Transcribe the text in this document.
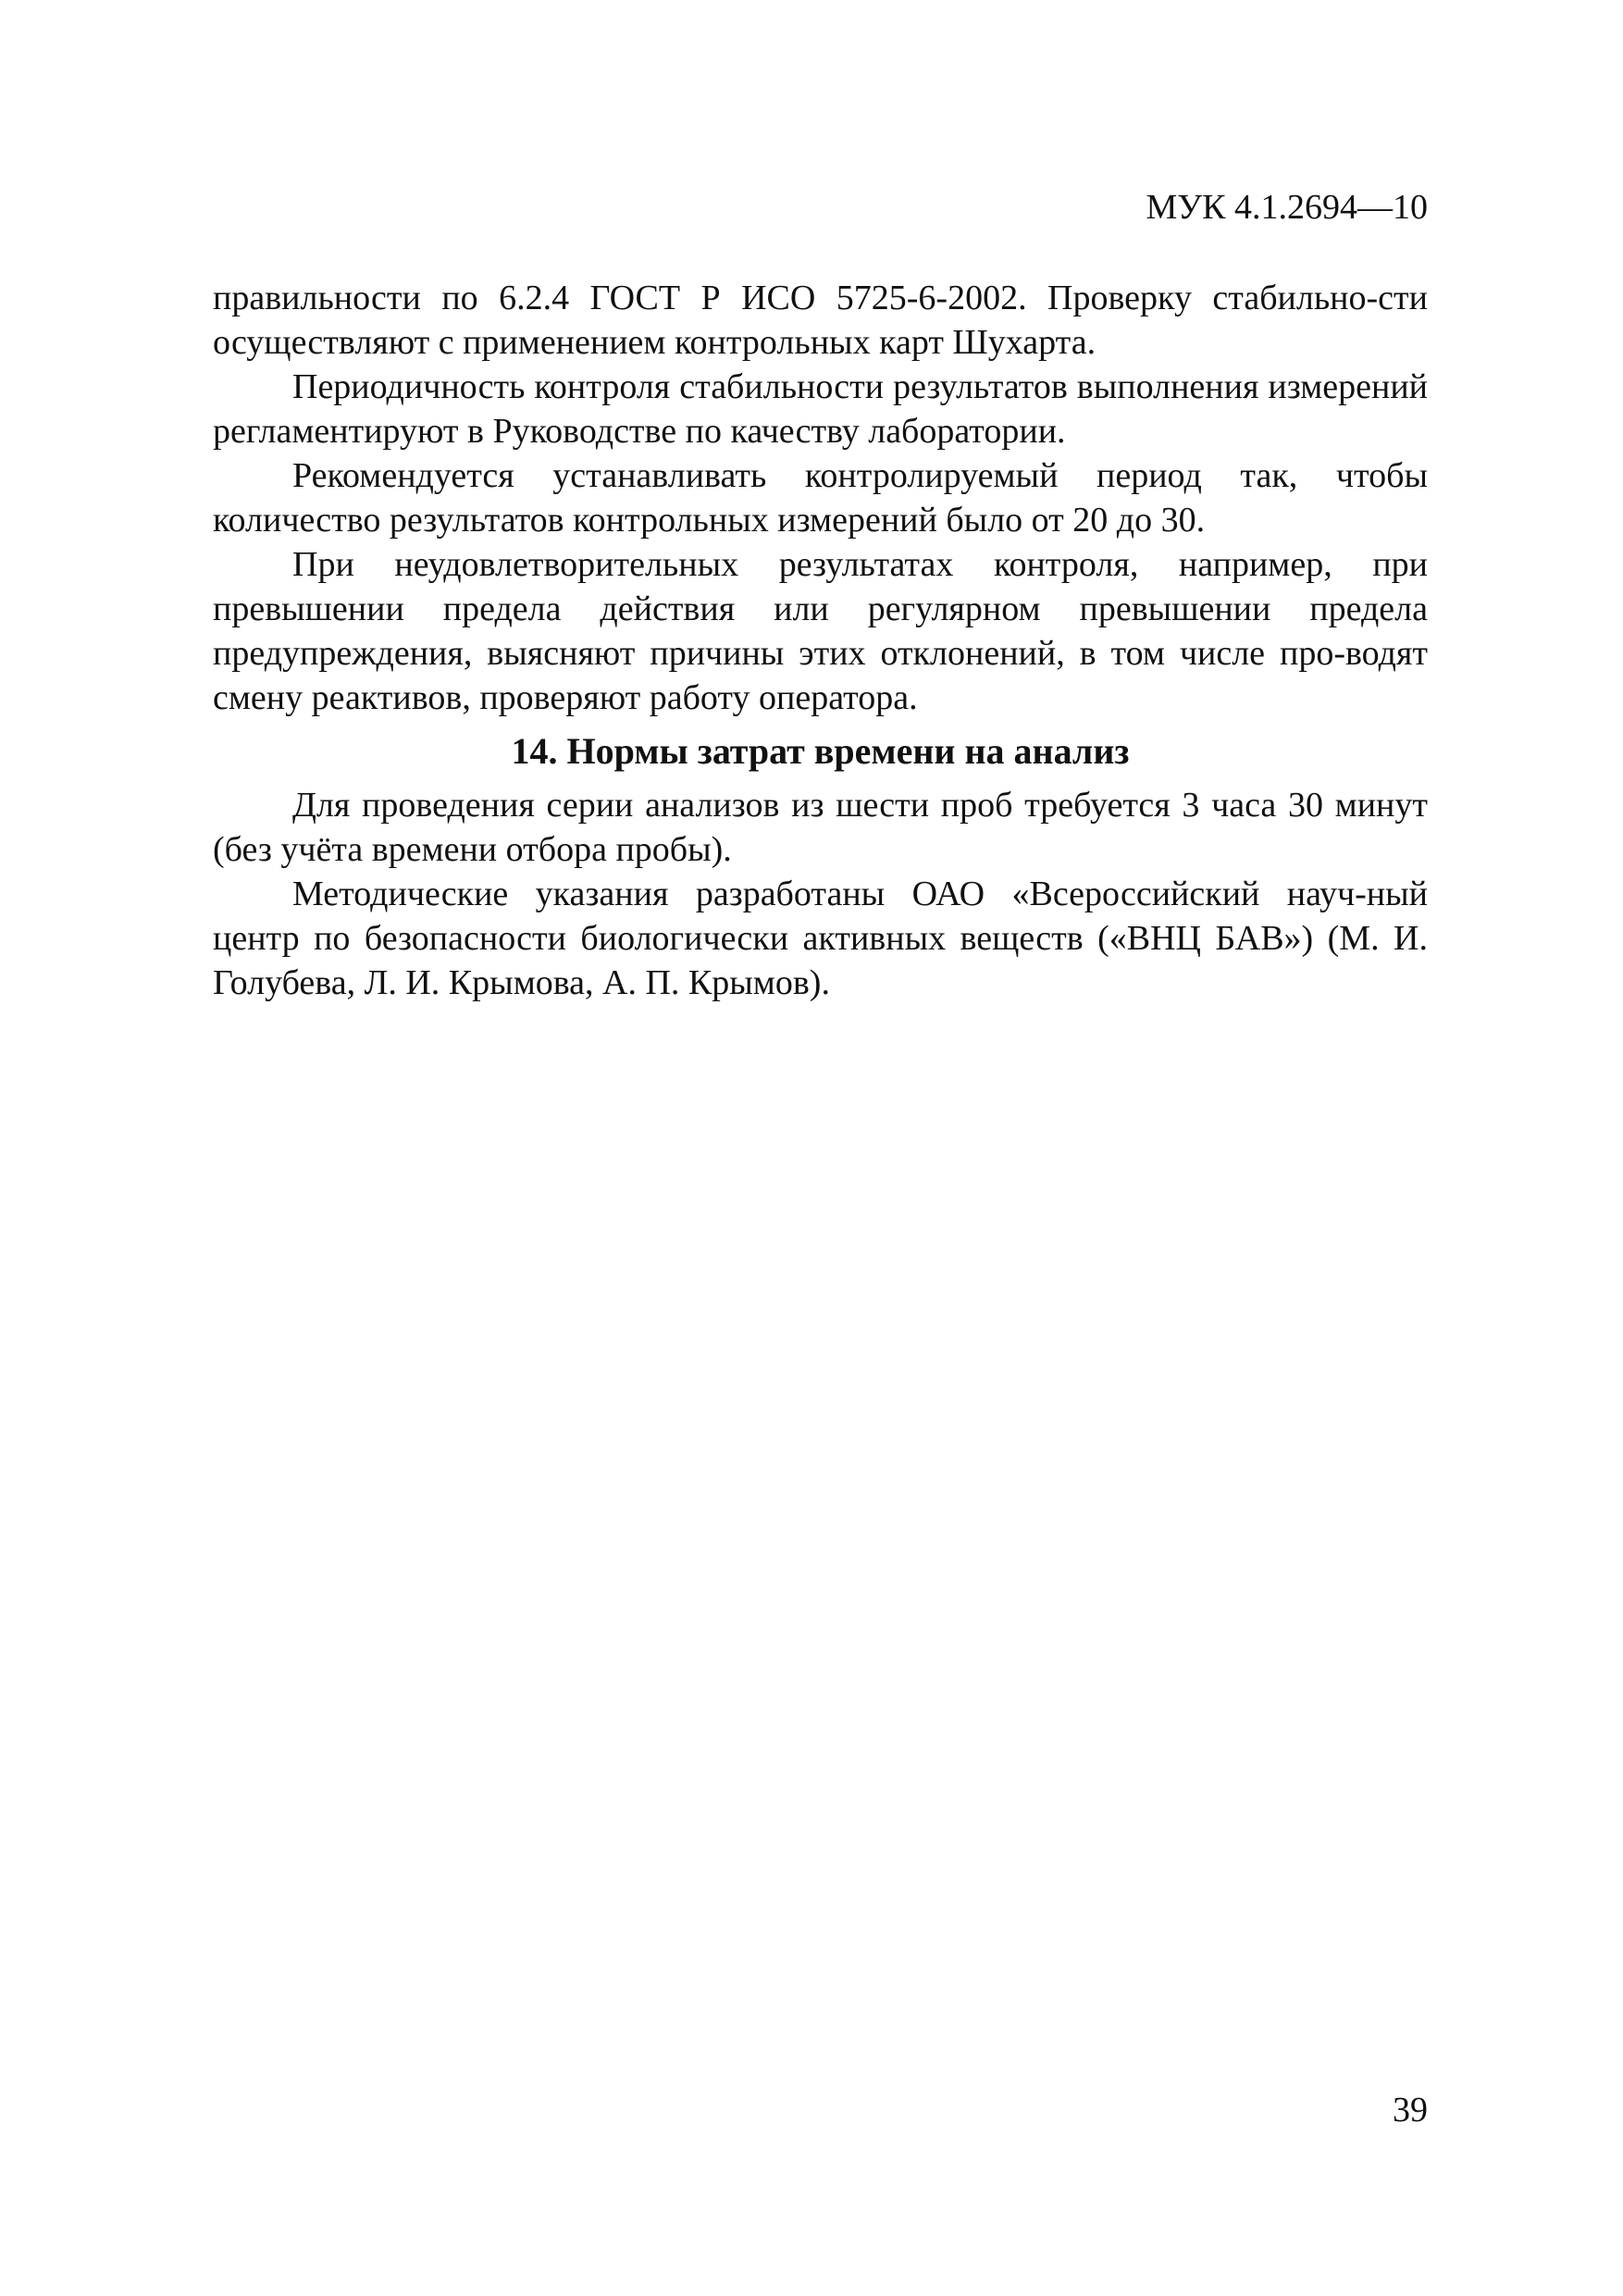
МУК 4.1.2694—10

правильности по 6.2.4 ГОСТ Р ИСО 5725-6-2002. Проверку стабильно-сти осуществляют с применением контрольных карт Шухарта.

Периодичность контроля стабильности результатов выполнения измерений регламентируют в Руководстве по качеству лаборатории.

Рекомендуется устанавливать контролируемый период так, чтобы количество результатов контрольных измерений было от 20 до 30.

При неудовлетворительных результатах контроля, например, при превышении предела действия или регулярном превышении предела предупреждения, выясняют причины этих отклонений, в том числе про-водят смену реактивов, проверяют работу оператора.

14. Нормы затрат времени на анализ

Для проведения серии анализов из шести проб требуется 3 часа 30 минут (без учёта времени отбора пробы).

Методические указания разработаны ОАО «Всероссийский науч-ный центр по безопасности биологически активных веществ («ВНЦ БАВ») (М. И. Голубева, Л. И. Крымова, А. П. Крымов).

39
